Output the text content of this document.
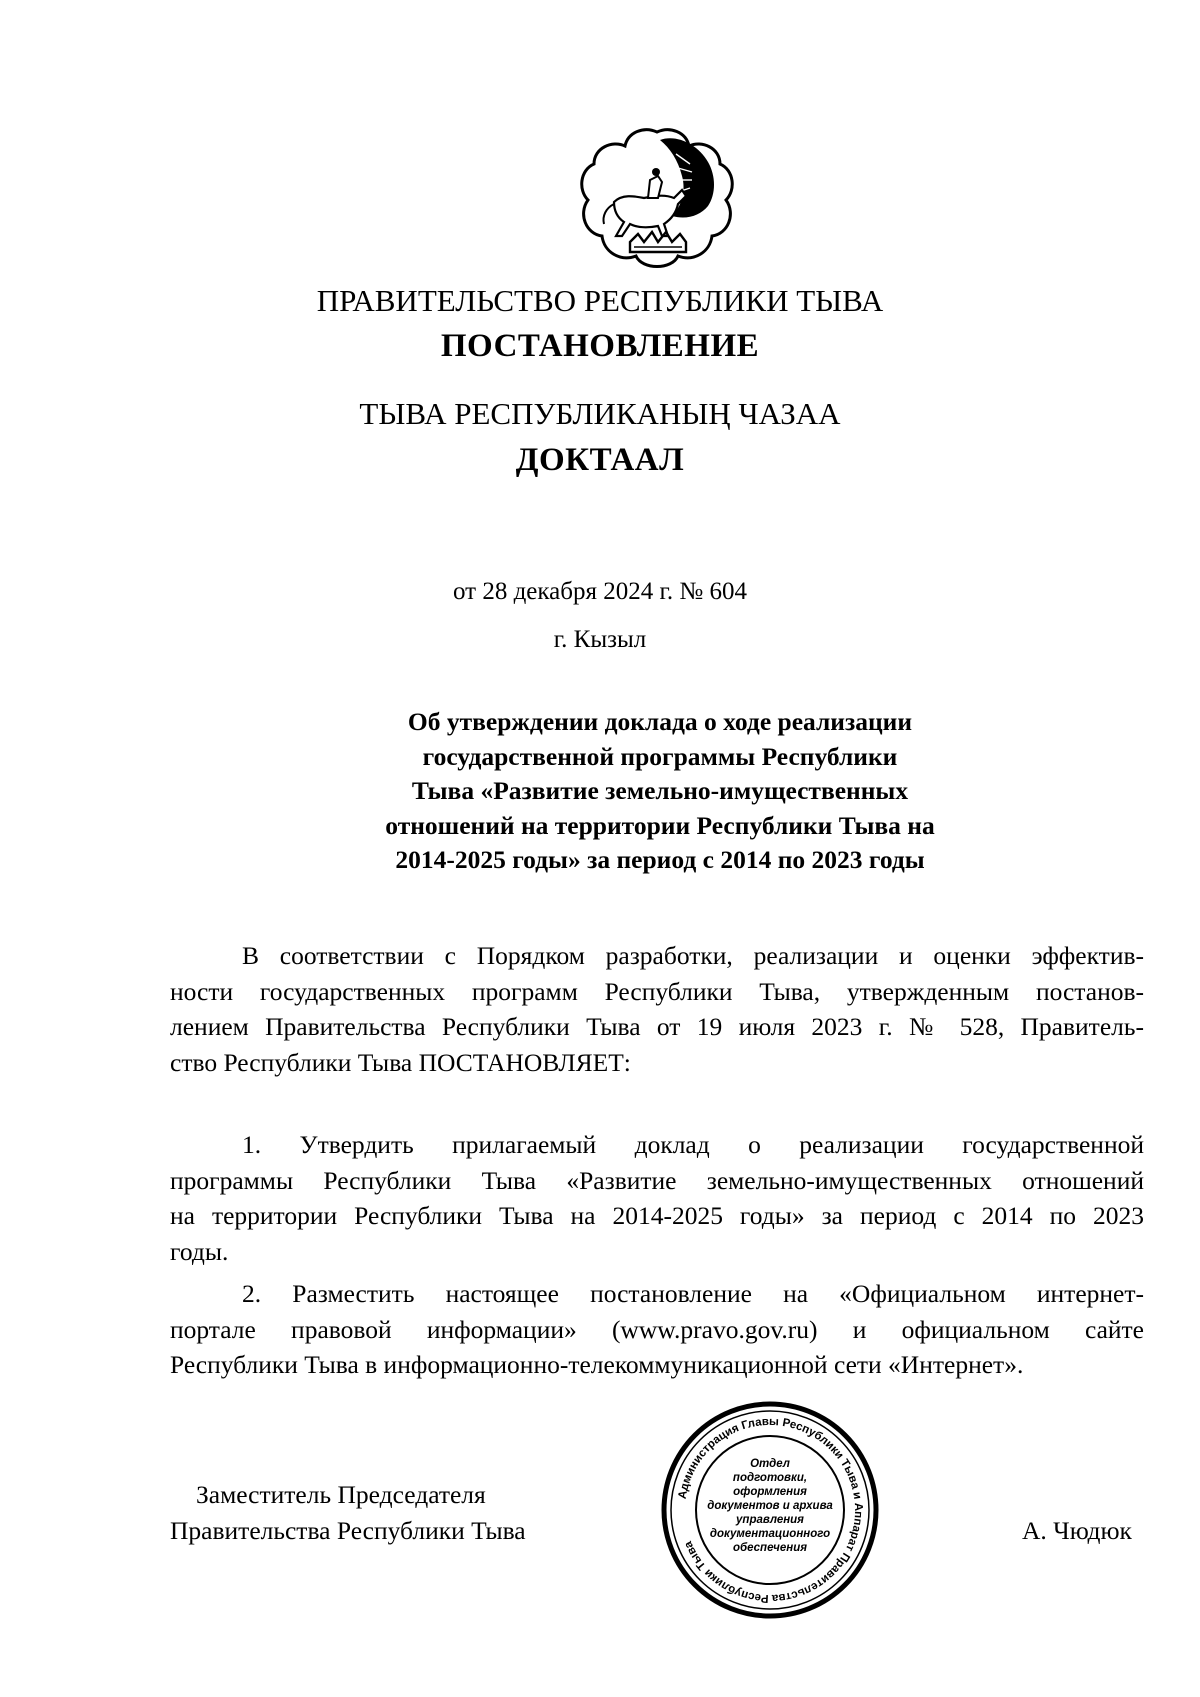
ПРАВИТЕЛЬСТВО РЕСПУБЛИКИ ТЫВА
ПОСТАНОВЛЕНИЕ
ТЫВА РЕСПУБЛИКАНЫҢ ЧАЗАА
ДОКТААЛ
от 28 декабря 2024 г. № 604
г. Кызыл
Об утверждении доклада о ходе реализации
государственной программы Республики
Тыва «Развитие земельно-имущественных
отношений на территории Республики Тыва на
2014-2025 годы» за период с 2014 по 2023 годы
В соответствии с Порядком разработки, реализации и оценки эффектив-
ности государственных программ Республики Тыва, утвержденным постанов-
лением Правительства Республики Тыва от 19 июля 2023 г. № 528, Правитель-
ство Республики Тыва ПОСТАНОВЛЯЕТ:
1. Утвердить прилагаемый доклад о реализации государственной
программы Республики Тыва «Развитие земельно-имущественных отношений
на территории Республики Тыва на 2014-2025 годы» за период с 2014 по 2023
годы.
2. Разместить настоящее постановление на «Официальном интернет-
портале правовой информации» (www.pravo.gov.ru) и официальном сайте
Республики Тыва в информационно-телекоммуникационной сети «Интернет».
Заместитель Председателя
Правительства Республики Тыва	А. Чюдюк
Администрация Главы Республики Тыва и Аппарат Правительства Республики Тыва
Отдел
подготовки,
оформления
документов и архива
управления
документационного
обеспечения
